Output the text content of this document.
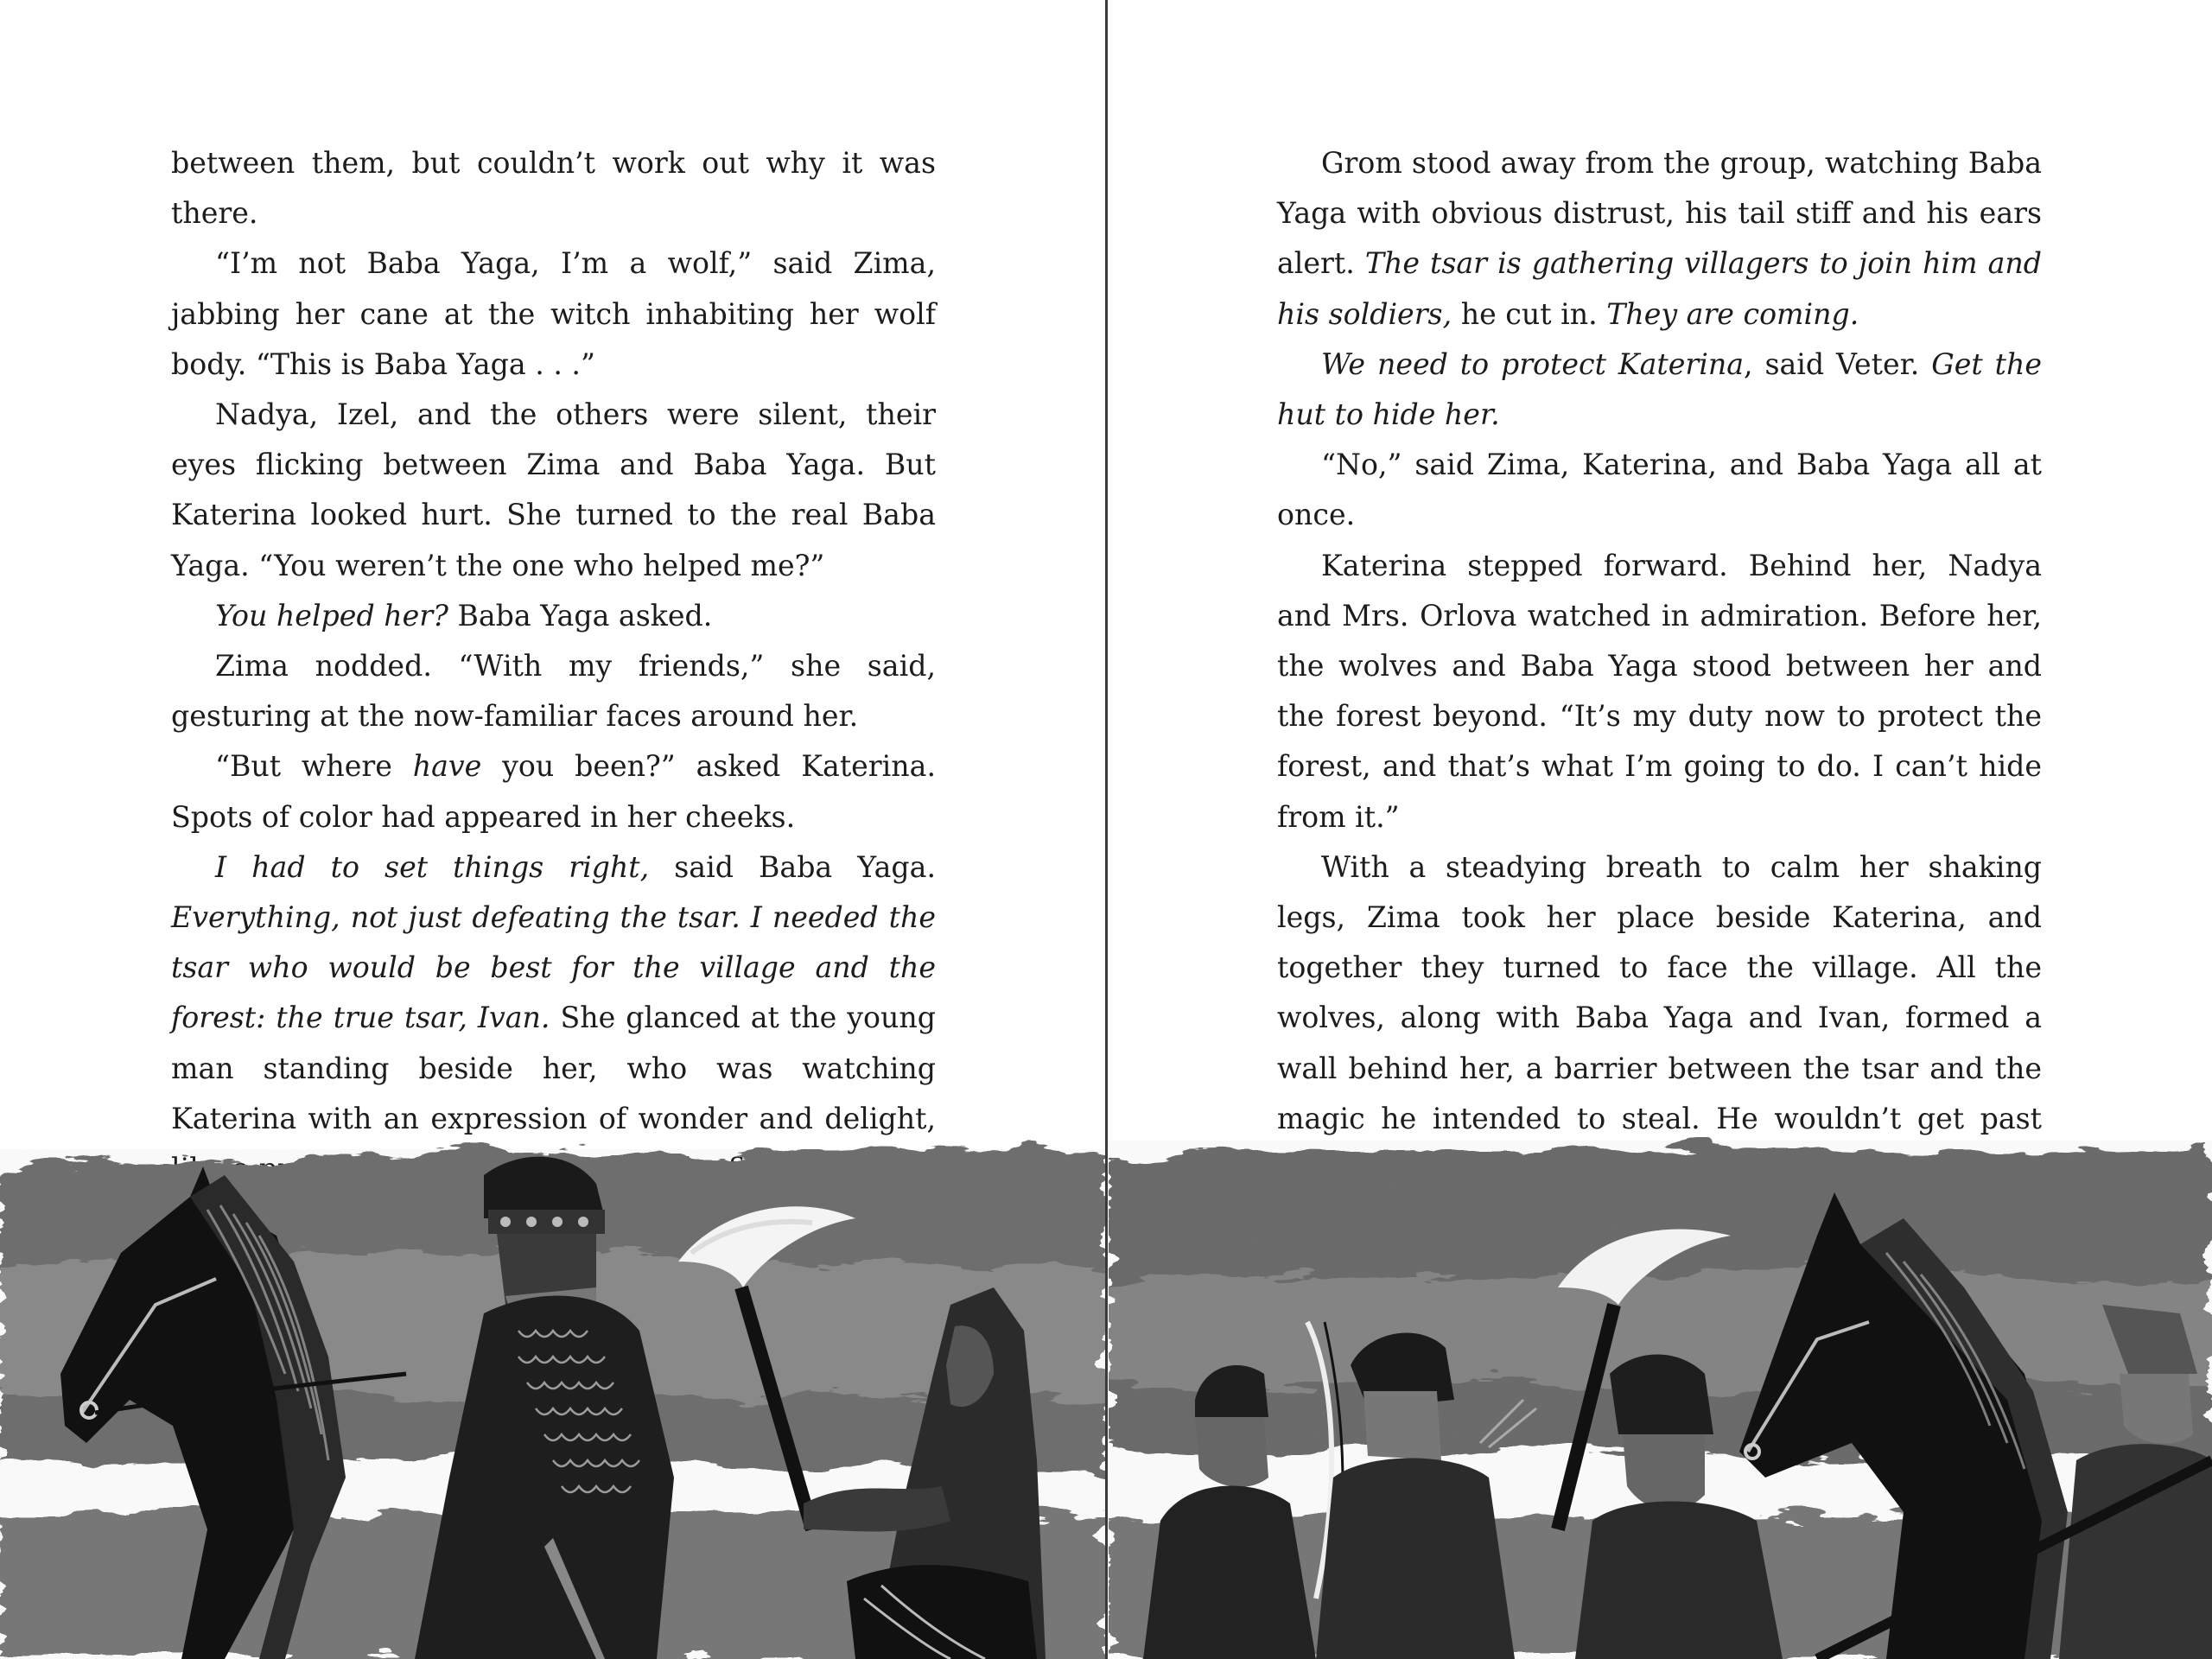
between them, but couldn’t work out why it was there.

“I’m not Baba Yaga, I’m a wolf,” said Zima, jabbing her cane at the witch inhabiting her wolf body. “This is Baba Yaga . . .”

Nadya, Izel, and the others were silent, their eyes flicking between Zima and Baba Yaga. But Katerina looked hurt. She turned to the real Baba Yaga. “You weren’t the one who helped me?”

You helped her? Baba Yaga asked.

Zima nodded. “With my friends,” she said, gesturing at the now-familiar faces around her.

“But where have you been?” asked Katerina. Spots of color had appeared in her cheeks.

I had to set things right, said Baba Yaga. Everything, not just defeating the tsar. I needed the tsar who would be best for the village and the forest: the true tsar, Ivan. She glanced at the young man standing beside her, who was watching Katerina with an expression of wonder and delight,

Grom stood away from the group, watching Baba Yaga with obvious distrust, his tail stiff and his ears alert. The tsar is gathering villagers to join him and his soldiers, he cut in. They are coming.

We need to protect Katerina, said Veter. Get the hut to hide her.

“No,” said Zima, Katerina, and Baba Yaga all at once.

Katerina stepped forward. Behind her, Nadya and Mrs. Orlova watched in admiration. Before her, the wolves and Baba Yaga stood between her and the forest beyond. “It’s my duty now to protect the forest, and that’s what I’m going to do. I can’t hide from it.”

With a steadying breath to calm her shaking legs, Zima took her place beside Katerina, and together they turned to face the village. All the wolves, along with Baba Yaga and Ivan, formed a wall behind her, a barrier between the tsar and the magic he intended to steal. He wouldn’t get past
